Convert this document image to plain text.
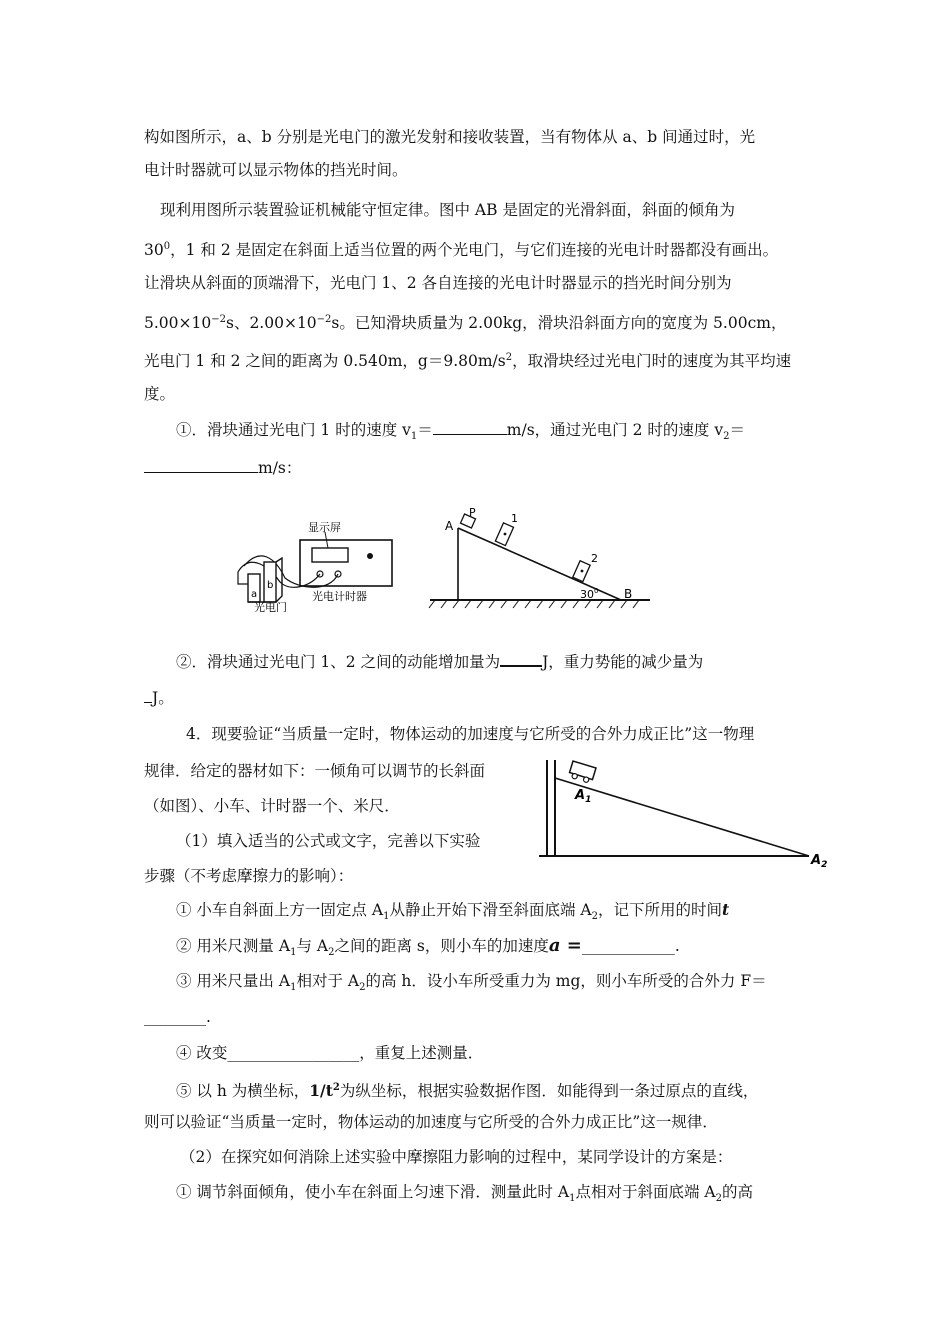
构如图所示，a、b 分别是光电门的激光发射和接收装置，当有物体从 a、b 间通过时，光
电计时器就可以显示物体的挡光时间。
现利用图所示装置验证机械能守恒定律。图中 AB 是固定的光滑斜面，斜面的倾角为
$30^0$，1 和 2 是固定在斜面上适当位置的两个光电门，与它们连接的光电计时器都没有画出。
让滑块从斜面的顶端滑下，光电门 1、2 各自连接的光电计时器显示的挡光时间分别为
$5.00\times 10^{-2}s$、$2.00\times 10^{-2}s$。已知滑块质量为 2.00kg，滑块沿斜面方向的宽度为 5.00cm，
光电门 1 和 2 之间的距离为 0.540m，$g=9.80m/s^2$，取滑块经过光电门时的速度为其平均速
度。
①．滑块通过光电门 1 时的速度 $v_1=$	m/s，通过光电门 2 时的速度 $v_2=$
m/s：
显示屏
a
b
光电门
光电计时器
A
P	1
2
B
$30^0$
②．滑块通过光电门 1、2 之间的动能增加量为	J，重力势能的减少量为
J。
4．现要验证“当质量一定时，物体运动的加速度与它所受的合外力成正比”这一物理
规律．给定的器材如下：一倾角可以调节的长斜面
（如图）、小车、计时器一个、米尺．
（1）填入适当的公式或文字，完善以下实验
步骤（不考虑摩擦力的影响）：
$A_1$
$A_2$
① 小车自斜面上方一固定点 $A_1$从静止开始下滑至斜面底端 $A_2$，记下所用的时间t
② 用米尺测量 $A_1$与 $A_2$之间的距离 s，则小车的加速度a =____________.
③ 用米尺量出 $A_1$相对于 $A_2$的高 h．设小车所受重力为 mg，则小车所受的合外力 F＝
________.
④ 改变_________________，重复上述测量．
⑤ 以 h 为横坐标，$1/t^2$为纵坐标，根据实验数据作图．如能得到一条过原点的直线，
则可以验证“当质量一定时，物体运动的加速度与它所受的合外力成正比”这一规律．
（2）在探究如何消除上述实验中摩擦阻力影响的过程中，某同学设计的方案是：
① 调节斜面倾角，使小车在斜面上匀速下滑．测量此时 $A_1$点相对于斜面底端 $A_2$的高
